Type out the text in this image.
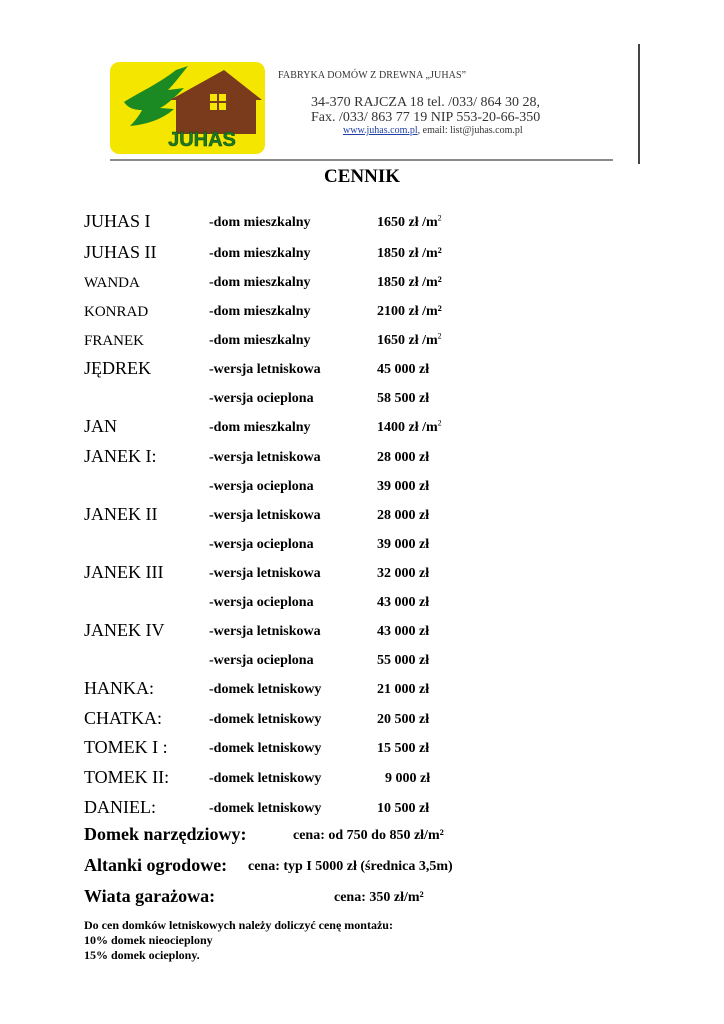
JUHAS
FABRYKA DOMÓW Z DREWNA „JUHAS”
34-370 RAJCZA 18 tel. /033/ 864 30 28,
Fax. /033/ 863 77 19 NIP 553-20-66-350
www.juhas.com.pl, email: list@juhas.com.pl
CENNIK
JUHAS I	-dom mieszkalny	1650 zł $/m^2$
JUHAS II	-dom mieszkalny	1850 zł /m²
WANDA	-dom mieszkalny	1850 zł /m²
KONRAD	-dom mieszkalny	2100 zł /m²
FRANEK	-dom mieszkalny	1650 zł $/m^2$
JĘDREK	-wersja letniskowa	45 000 zł
-wersja ocieplona	58 500 zł
JAN	-dom mieszkalny	1400 zł $/m^2$
JANEK I:	-wersja letniskowa	28 000 zł
-wersja ocieplona	39 000 zł
JANEK II	-wersja letniskowa	28 000 zł
-wersja ocieplona	39 000 zł
JANEK III	-wersja letniskowa	32 000 zł
-wersja ocieplona	43 000 zł
JANEK IV	-wersja letniskowa	43 000 zł
-wersja ocieplona	55 000 zł
HANKA:	-domek letniskowy	21 000 zł
CHATKA:	-domek letniskowy	20 500 zł
TOMEK I :	-domek letniskowy	15 500 zł
TOMEK II:	-domek letniskowy	9 000 zł
DANIEL:	-domek letniskowy	10 500 zł
Domek narzędziowy:	cena: od 750 do 850 zł/m²
Altanki ogrodowe: cena: typ I 5000 zł (średnica 3,5m)
Wiata garażowa:	cena: 350 zł/m²
Do cen domków letniskowych należy doliczyć cenę montażu:
10% domek nieocieplony
15% domek ocieplony.
